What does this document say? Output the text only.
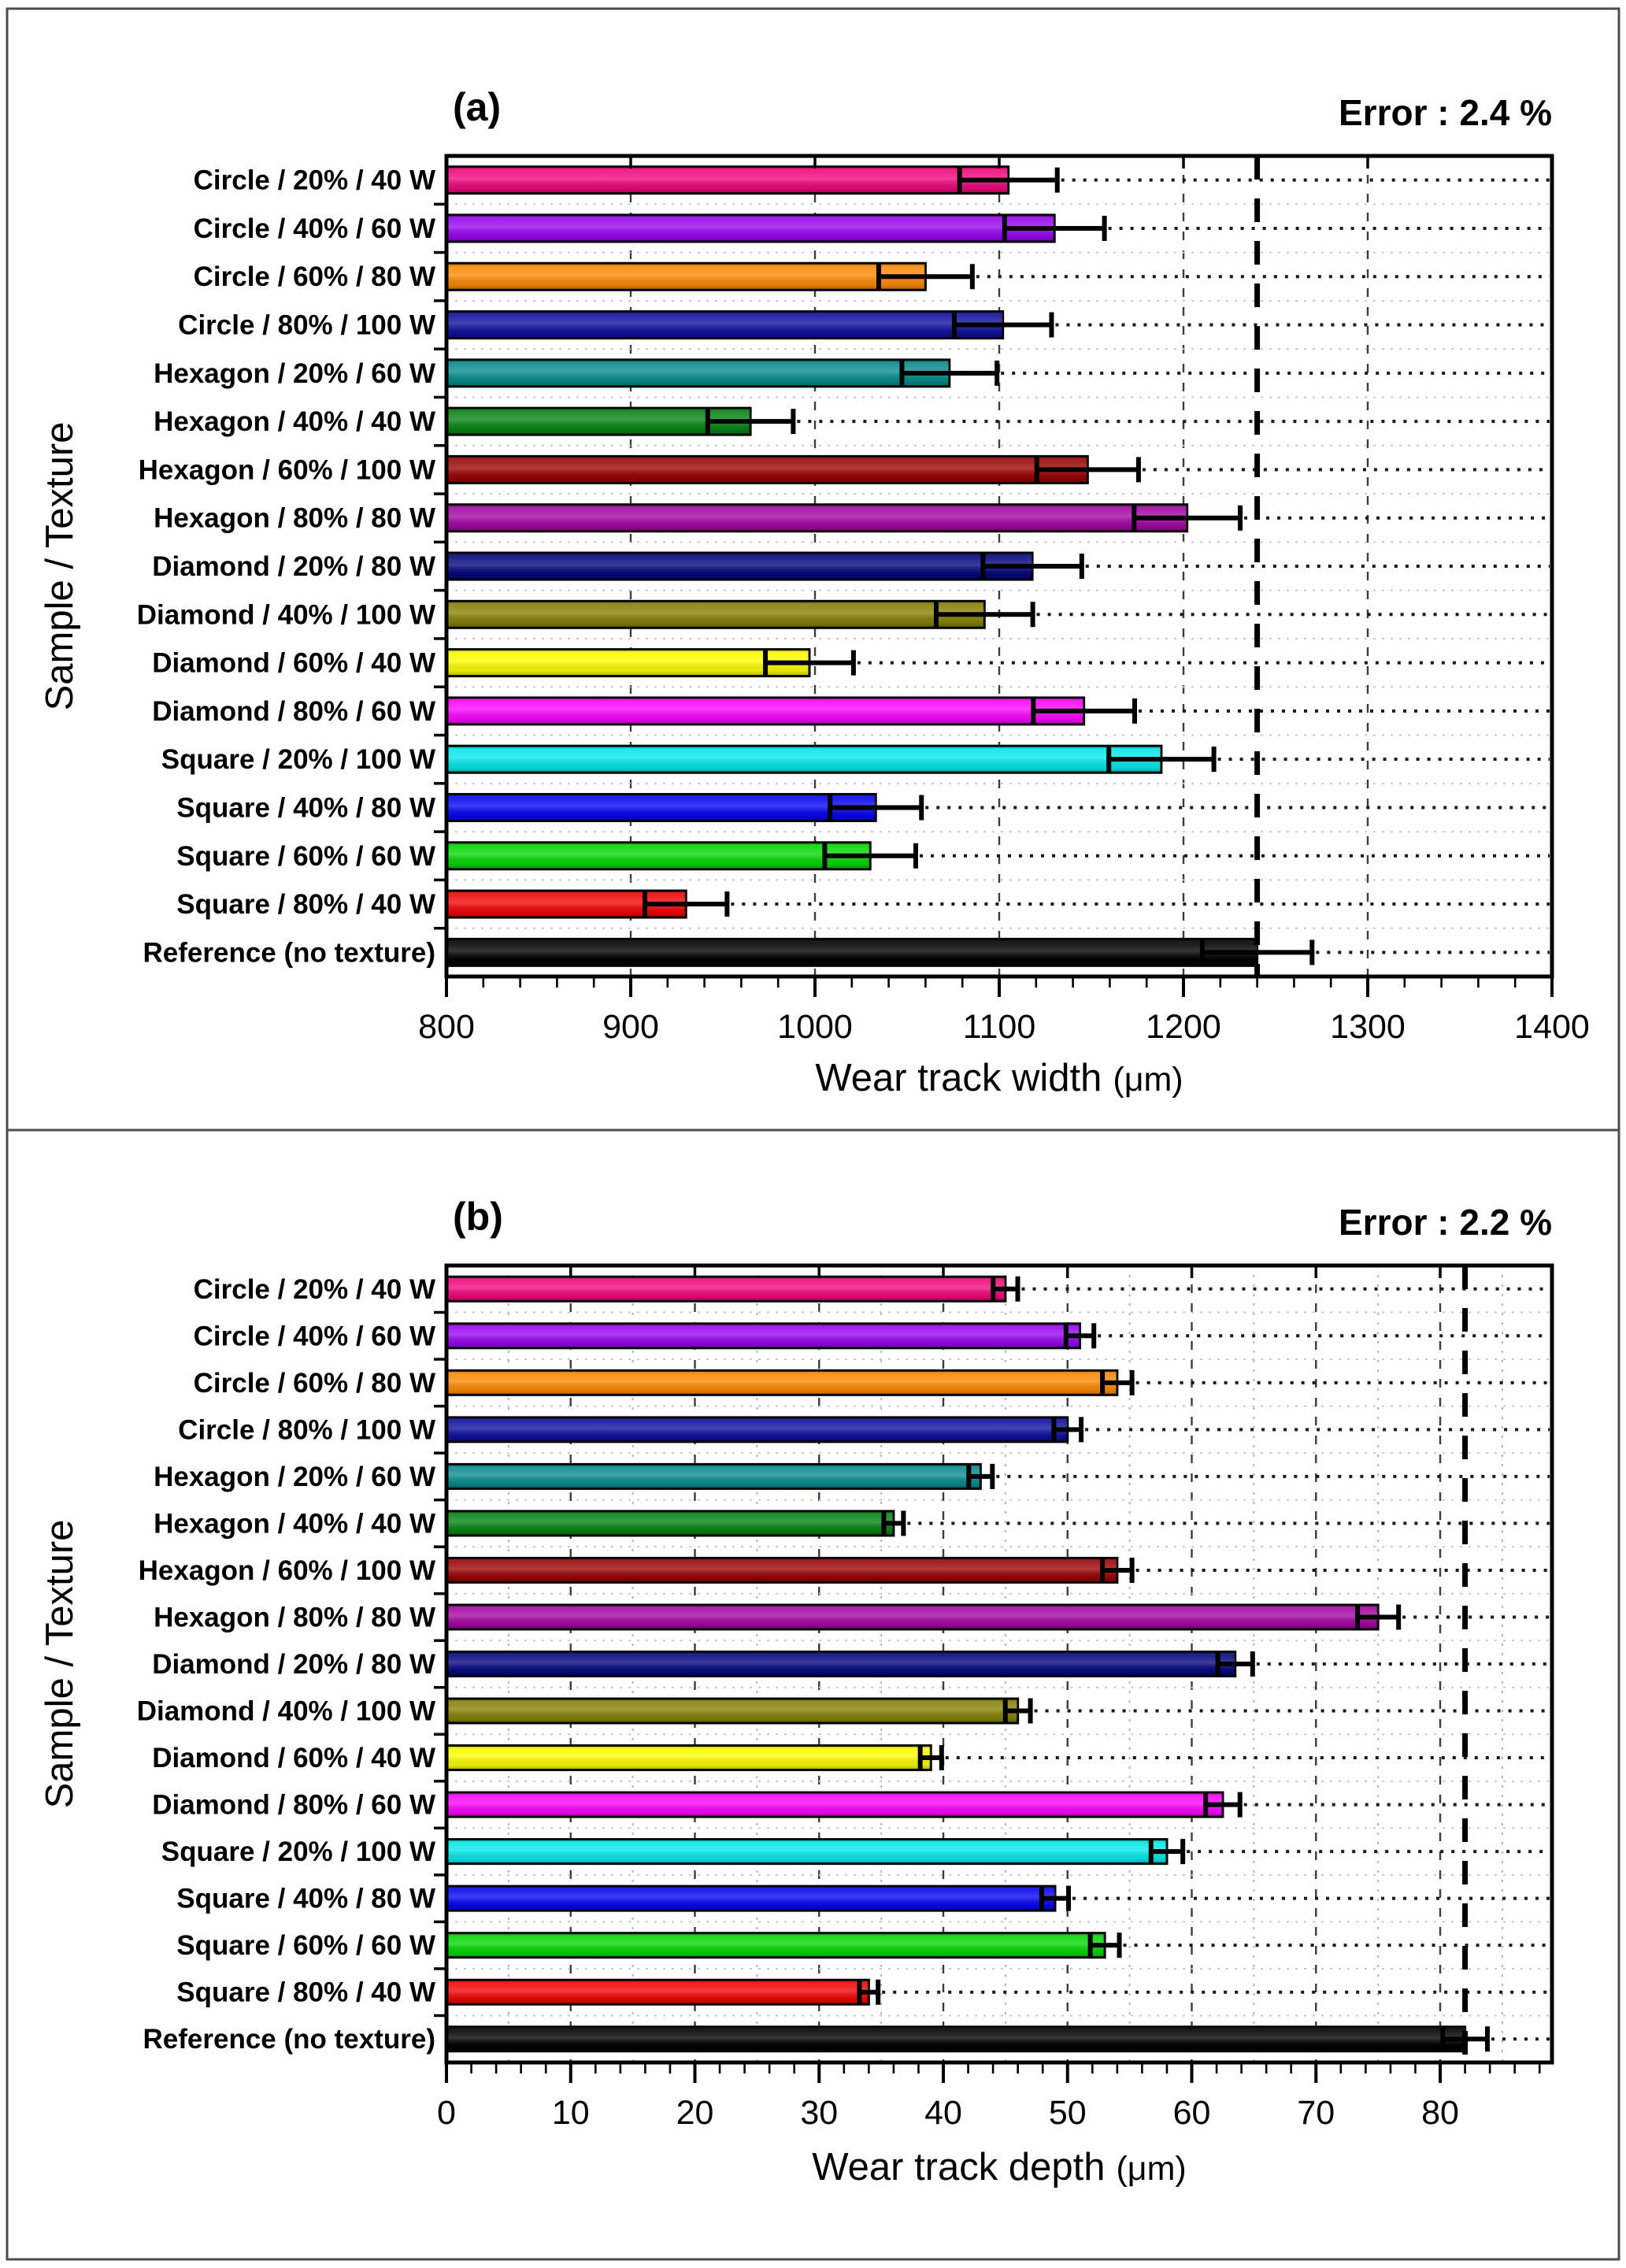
800	900	1000	1100	1200	1300	1400
Circle / 20% / 40 W
Circle / 40% / 60 W
Circle / 60% / 80 W
Circle / 80% / 100 W
Hexagon / 20% / 60 W
Hexagon / 40% / 40 W
Hexagon / 60% / 100 W
Hexagon / 80% / 80 W
Diamond / 20% / 80 W
Diamond / 40% / 100 W
Diamond / 60% / 40 W
Diamond / 80% / 60 W
Square / 20% / 100 W
Square / 40% / 80 W
Square / 60% / 60 W
Square / 80% / 40 W
Reference (no texture)
(a)	Error : 2.4 %
Wear track width (μm)
Sample / Texture
0	10	20	30	40	50	60	70	80
Circle / 20% / 40 W
Circle / 40% / 60 W
Circle / 60% / 80 W
Circle / 80% / 100 W
Hexagon / 20% / 60 W
Hexagon / 40% / 40 W
Hexagon / 60% / 100 W
Hexagon / 80% / 80 W
Diamond / 20% / 80 W
Diamond / 40% / 100 W
Diamond / 60% / 40 W
Diamond / 80% / 60 W
Square / 20% / 100 W
Square / 40% / 80 W
Square / 60% / 60 W
Square / 80% / 40 W
Reference (no texture)
(b)	Error : 2.2 %
Wear track depth (μm)
Sample / Texture
